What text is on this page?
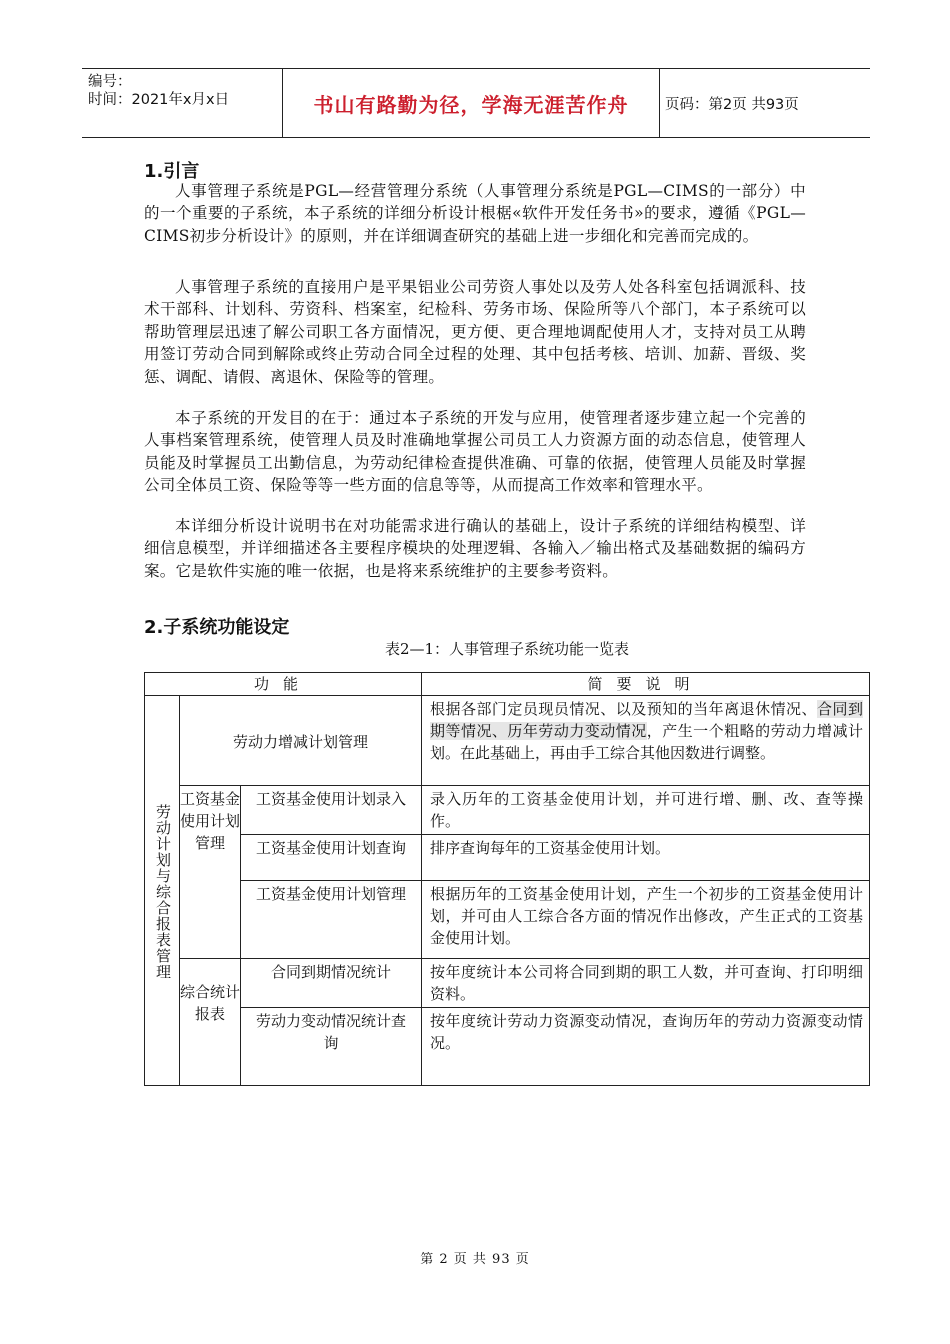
编号：
时间：2021年x月x日	书山有路勤为径，学海无涯苦作舟	页码：第2页 共93页
1.引言

人事管理子系统是PGL—经营管理分系统（人事管理分系统是PGL—CIMS的一部分）中的一个重要的子系统，本子系统的详细分析设计根椐«软件开发任务书»的要求，遵循《PGL—CIMS初步分析设计》的原则，并在详细调查研究的基础上进一步细化和完善而完成的。

人事管理子系统的直接用户是平果铝业公司劳资人事处以及劳人处各科室包括调派科、技术干部科、计划科、劳资科、档案室，纪检科、劳务市场、保险所等八个部门，本子系统可以帮助管理层迅速了解公司职工各方面情况，更方便、更合理地调配使用人才，支持对员工从聘用签订劳动合同到解除或终止劳动合同全过程的处理、其中包括考核、培训、加薪、晋级、奖惩、调配、请假、离退休、保险等的管理。

本子系统的开发目的在于：通过本子系统的开发与应用，使管理者逐步建立起一个完善的人事档案管理系统，使管理人员及时准确地掌握公司员工人力资源方面的动态信息，使管理人员能及时掌握员工出勤信息，为劳动纪律检查提供准确、可靠的依据，使管理人员能及时掌握公司全体员工资、保险等等一些方面的信息等等，从而提高工作效率和管理水平。

本详细分析设计说明书在对功能需求进行确认的基础上，设计子系统的详细结构模型、详细信息模型，并详细描述各主要程序模块的处理逻辑、各输入／输出格式及基础数据的编码方案。它是软件实施的唯一依据，也是将来系统维护的主要参考资料。

2.子系统功能设定
表2—1：人事管理子系统功能一览表
功能			简要说明
劳动计划与综合报表管理	劳动力增减计划管理		根据各部门定员现员情况、以及预知的当年离退休情况、合同到期等情况、历年劳动力变动情况，产生一个粗略的劳动力增减计划。在此基础上，再由手工综合其他因数进行调整。
	工资基金使用计划管理	工资基金使用计划录入	录入历年的工资基金使用计划，并可进行增、删、改、查等操作。
		工资基金使用计划查询	排序查询每年的工资基金使用计划。
		工资基金使用计划管理	根据历年的工资基金使用计划，产生一个初步的工资基金使用计划，并可由人工综合各方面的情况作出修改，产生正式的工资基金使用计划。
	综合统计报表	合同到期情况统计	按年度统计本公司将合同到期的职工人数，并可查询、打印明细资料。
		劳动力变动情况统计查询	按年度统计劳动力资源变动情况，查询历年的劳动力资源变动情况。
第 2 页 共 93 页
